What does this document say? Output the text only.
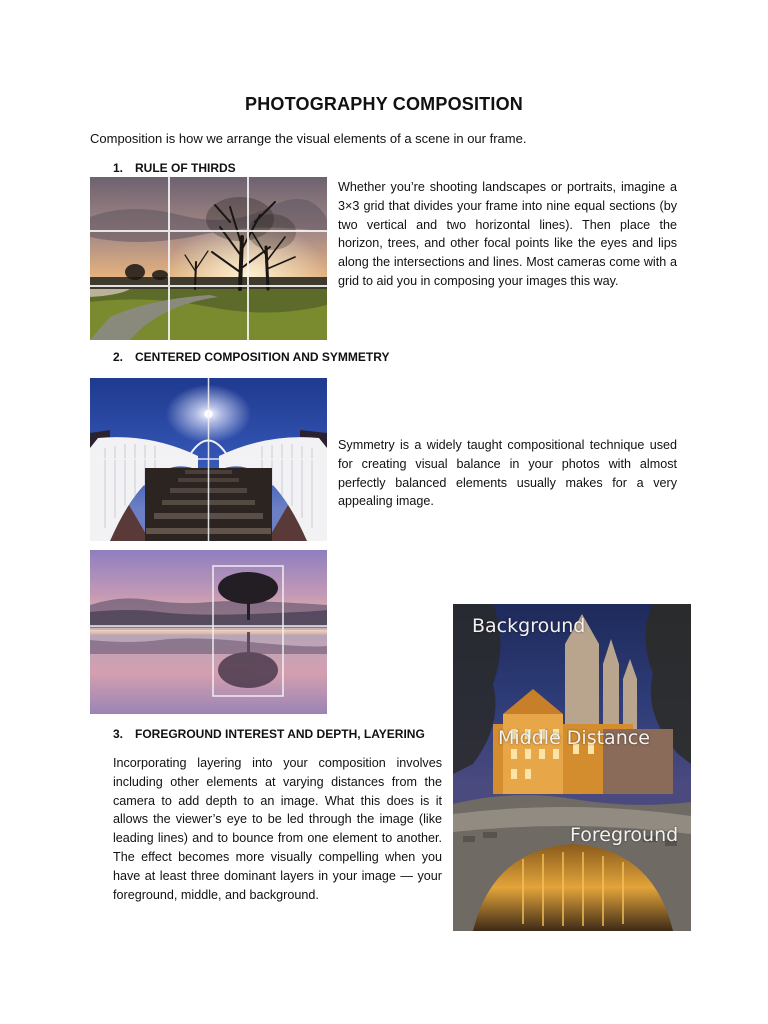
PHOTOGRAPHY COMPOSITION

Composition is how we arrange the visual elements of a scene in our frame.

1. RULE OF THIRDS

Whether you’re shooting landscapes or portraits, imagine a 3×3 grid that divides your frame into nine equal sections (by two vertical and two horizontal lines). Then place the horizon, trees, and other focal points like the eyes and lips along the intersections and lines. Most cameras come with a grid to aid you in composing your images this way.

2. CENTERED COMPOSITION AND SYMMETRY

Symmetry is a widely taught compositional technique used for creating visual balance in your photos with almost perfectly balanced elements usually makes for a very appealing image.

3. FOREGROUND INTEREST AND DEPTH, LAYERING

Incorporating layering into your composition involves including other elements at varying distances from the camera to add depth to an image. What this does is it allows the viewer’s eye to be led through the image (like leading lines) and to bounce from one element to another. The effect becomes more visually compelling when you have at least three dominant layers in your image — your foreground, middle, and background.

Background
Middle Distance
Foreground
